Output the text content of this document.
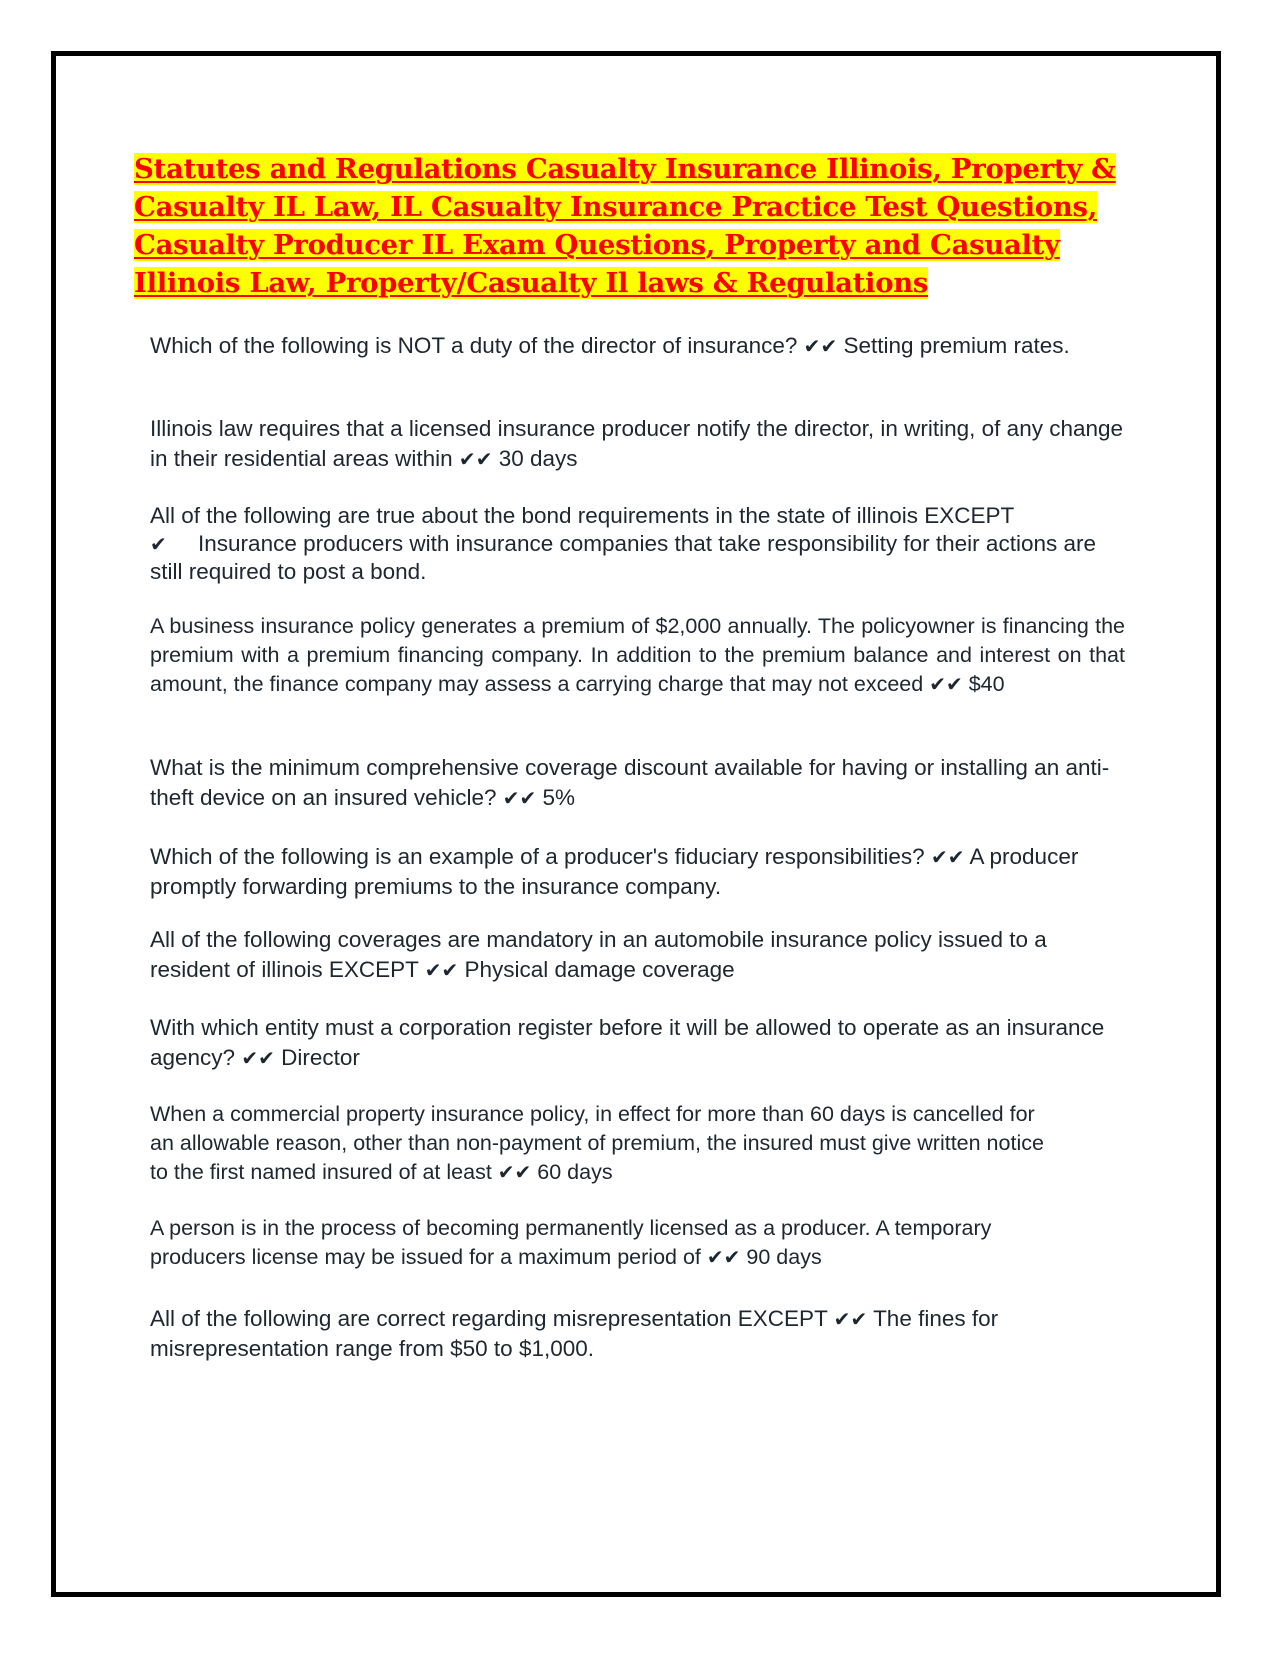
Statutes and Regulations Casualty Insurance Illinois, Property & Casualty IL Law, IL Casualty Insurance Practice Test Questions, Casualty Producer IL Exam Questions, Property and Casualty Illinois Law, Property/Casualty Il laws & Regulations

Which of the following is NOT a duty of the director of insurance? ✔✔ Setting premium rates.

Illinois law requires that a licensed insurance producer notify the director, in writing, of any change in their residential areas within ✔✔ 30 days

All of the following are true about the bond requirements in the state of illinois EXCEPT
✔ Insurance producers with insurance companies that take responsibility for their actions are still required to post a bond.

A business insurance policy generates a premium of $2,000 annually. The policyowner is financing the premium with a premium financing company. In addition to the premium balance and interest on that amount, the finance company may assess a carrying charge that may not exceed ✔✔ $40

What is the minimum comprehensive coverage discount available for having or installing an anti-theft device on an insured vehicle? ✔✔ 5%

Which of the following is an example of a producer's fiduciary responsibilities? ✔✔ A producer promptly forwarding premiums to the insurance company.

All of the following coverages are mandatory in an automobile insurance policy issued to a resident of illinois EXCEPT ✔✔ Physical damage coverage

With which entity must a corporation register before it will be allowed to operate as an insurance agency? ✔✔ Director

When a commercial property insurance policy, in effect for more than 60 days is cancelled for an allowable reason, other than non-payment of premium, the insured must give written notice to the first named insured of at least ✔✔ 60 days

A person is in the process of becoming permanently licensed as a producer. A temporary producers license may be issued for a maximum period of ✔✔ 90 days

All of the following are correct regarding misrepresentation EXCEPT ✔✔ The fines for misrepresentation range from $50 to $1,000.
